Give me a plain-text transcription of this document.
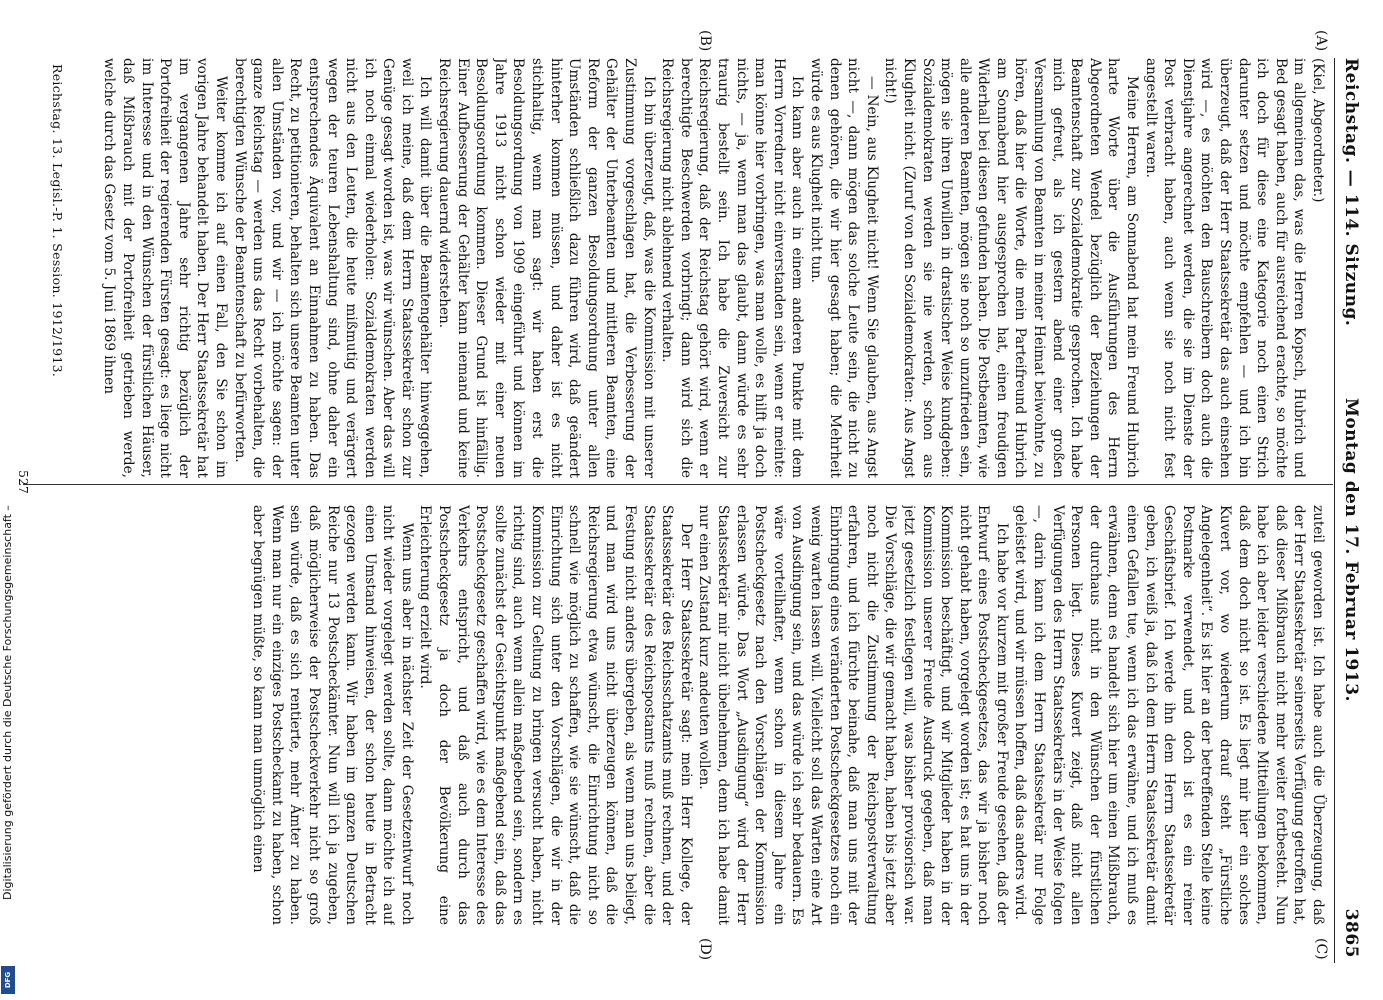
Reichstag. — 114. Sitzung.
Montag den 17. Februar 1913.
3865
(A)
(B)
(C)
(D)

(Kiel, Abgeordneter.)

im allgemeinen das, was die Herren Kopsch, Hubrich und Bed gesagt haben, auch für ausreichend erachte, so möchte ich doch für diese eine Kategorie noch einen Strich darunter setzen und möchte empfehlen — und ich bin überzeugt, daß der Herr Staatssekretär das auch einsehen wird —, es möchten den Bauschreibern doch auch die Dienstjahre angerechnet werden, die sie im Dienste der Post verbracht haben, auch wenn sie noch nicht fest angestellt waren.

Meine Herren, am Sonnabend hat mein Freund Hubrich harte Worte über die Ausführungen des Herrn Abgeordneten Wendel bezüglich der Beziehungen der Beamtenschaft zur Sozialdemokratie gesprochen. Ich habe mich gefreut, als ich gestern abend einer großen Versammlung von Beamten in meiner Heimat beiwohnte, zu hören, daß hier die Worte, die mein Parteifreund Hubrich am Sonnabend hier ausgesprochen hat, einen freudigen Widerhall bei diesen gefunden haben. Die Postbeamten, wie alle anderen Beamten, mögen sie noch so unzufrieden sein, mögen sie ihren Unwillen in drastischer Weise kundgeben: Sozialdemokraten werden sie nie werden, schon aus Klugheit nicht. (Zuruf von den Sozialdemokraten: Aus Angst nicht!)

— Nein, aus Klugheit nicht! Wenn Sie glauben, aus Angst nicht —, dann mögen das solche Leute sein, die nicht zu denen gehören, die wir hier gesagt haben; die Mehrheit würde es aus Klugheit nicht tun.

Ich kann aber auch in einem anderen Punkte mit dem Herrn Vorredner nicht einverstanden sein, wenn er meinte: man könne hier vorbringen, was man wolle, es hilft ja doch nichts, — ja, wenn man das glaubt, dann würde es sehr traurig bestellt sein. Ich habe die Zuversicht zur Reichsregierung, daß der Reichstag gehört wird, wenn er berechtigte Beschwerden vorbringt; dann wird sich die Reichsregierung nicht ablehnend verhalten.

Ich bin überzeugt, daß, was die Kommission mit unserer Zustimmung vorgeschlagen hat, die Verbesserung der Gehälter der Unterbeamten und mittleren Beamten, eine Reform der ganzen Besoldungsordnung unter allen Umständen schließlich dazu führen wird, daß geändert hinterher kommen müssen, und daher ist es nicht stichhaltig, wenn man sagt: wir haben erst die Besoldungsordnung von 1909 eingeführt und können im Jahre 1913 nicht schon wieder mit einer neuen Besoldungsordnung kommen. Dieser Grund ist hinfällig. Einer Aufbesserung der Gehälter kann niemand und keine Reichsregierung dauernd widerstehen.

Ich will damit über die Beamtengehälter hinweggehen, weil ich meine, daß dem Herrn Staatssekretär schon zur Genüge gesagt worden ist, was wir wünschen. Aber das will ich noch einmal wiederholen: Sozialdemokraten werden nicht aus den Leuten, die heute mißmutig und verärgert wegen der teuren Lebenshaltung sind, ohne daher ein entsprechendes Äquivalent an Einnahmen zu haben. Das Recht, zu petitionieren, behalten sich unsere Beamten unter allen Umständen vor, und wir — ich möchte sagen: der ganze Reichstag — werden uns das Recht vorbehalten, die berechtigten Wünsche der Beamtenschaft zu befürworten.

Weiter komme ich auf einen Fall, den Sie schon im vorigen Jahre behandelt haben. Der Herr Staatssekretär hat im vergangenen Jahre sehr richtig bezüglich der Portofreiheit der regierenden Fürsten gesagt: es liege nicht im Interesse und in den Wünschen der fürstlichen Häuser, daß Mißbrauch mit der Portofreiheit getrieben werde, welche durch das Gesetz vom 5. Juni 1869 ihnen

zuteil geworden ist. Ich habe auch die Überzeugung, daß der Herr Staatssekretär seinerseits Verfügung getroffen hat, daß dieser Mißbrauch nicht mehr weiter fortbesteht. Nun habe ich aber leider verschiedene Mitteilungen bekommen, daß dem doch nicht so ist. Es liegt mir hier ein solches Kuvert vor, wo wiederum drauf steht „Fürstliche Angelegenheit“. Es ist hier an der betreffenden Stelle keine Postmarke verwendet, und doch ist es ein reiner Geschäftsbrief. Ich werde ihn dem Herrn Staatssekretär geben, ich weiß ja, daß ich dem Herrn Staatssekretär damit einen Gefallen tue, wenn ich das erwähne, und ich muß es erwähnen, denn es handelt sich hier um einen Mißbrauch, der durchaus nicht in den Wünschen der fürstlichen Personen liegt. Dieses Kuvert zeigt, daß nicht allen Verfügungen des Herrn Staatssekretärs in der Weise folgen —, darin kann ich dem Herrn Staatssekretär nur Folge geleistet wird, und wir müssen hoffen, daß das anders wird.

Ich habe vor kurzem mit großer Freude gesehen, daß der Entwurf eines Postscheckgesetzes, das wir ja bisher noch nicht gehabt haben, vorgelegt worden ist; es hat uns in der Kommission beschäftigt, und wir Mitglieder haben in der Kommission unserer Freude Ausdruck gegeben, daß man jetzt gesetzlich festlegen will, was bisher provisorisch war. Die Vorschläge, die wir gemacht haben, haben bis jetzt aber noch nicht die Zustimmung der Reichspostverwaltung erfahren, und ich fürchte beinahe, daß man uns mit der Einbringung eines veränderten Postscheckgesetzes noch ein wenig warten lassen will. Vielleicht soll das Warten eine Art von Ausdingung sein, und das würde ich sehr bedauern. Es wäre vorteilhafter, wenn schon in diesem Jahre ein Postscheckgesetz nach den Vorschlägen der Kommission erlassen würde. Das Wort „Ausdingung“ wird der Herr Staatssekretär mir nicht übelnehmen, denn ich habe damit nur einen Zustand kurz andeuten wollen.

Der Herr Staatssekretär sagt: mein Herr Kollege, der Staatssekretär des Reichsschatzamts muß rechnen, und der Staatssekretär des Reichspostamts muß rechnen, aber die Festung nicht anders übergeben, als wenn man uns beliegt, und man wird uns nicht überzeugen können, daß die Reichsregierung etwa wünscht, die Einrichtung nicht so schnell wie möglich zu schaffen, wie sie wünscht, daß die Einrichtung sich unter den Vorschlägen, die wir in der Kommission zur Geltung zu bringen versucht haben, nicht richtig sind, auch wenn allein maßgebend sein, sondern es sollte zunächst der Gesichtspunkt maßgebend sein, daß das Postscheckgesetz geschaffen wird, wie es dem Interesse des Verkehrs entspricht, und daß auch durch das Postscheckgesetz ja doch der Bevölkerung eine Erleichterung erzielt wird.

Wenn uns aber in nächster Zeit der Gesetzentwurf noch nicht wieder vorgelegt werden sollte, dann möchte ich auf einen Umstand hinweisen, der schon heute in Betracht gezogen werden kann. Wir haben im ganzen Deutschen Reiche nur 13 Postscheckämter. Nun will ich ja zugeben, daß möglicherweise der Postscheckverkehr nicht so groß sein würde, daß es sich rentierte, mehr Ämter zu haben. Wenn man nur ein einziges Postscheckamt zu haben, schon aber begnügen müßte, so kann man unmöglich einen

Reichstag. 13. Legisl.-P. 1. Session. 1912/1913.
527
Digitalisierung gefördert durch die Deutsche Forschungsgemeinschaft –
DFG
